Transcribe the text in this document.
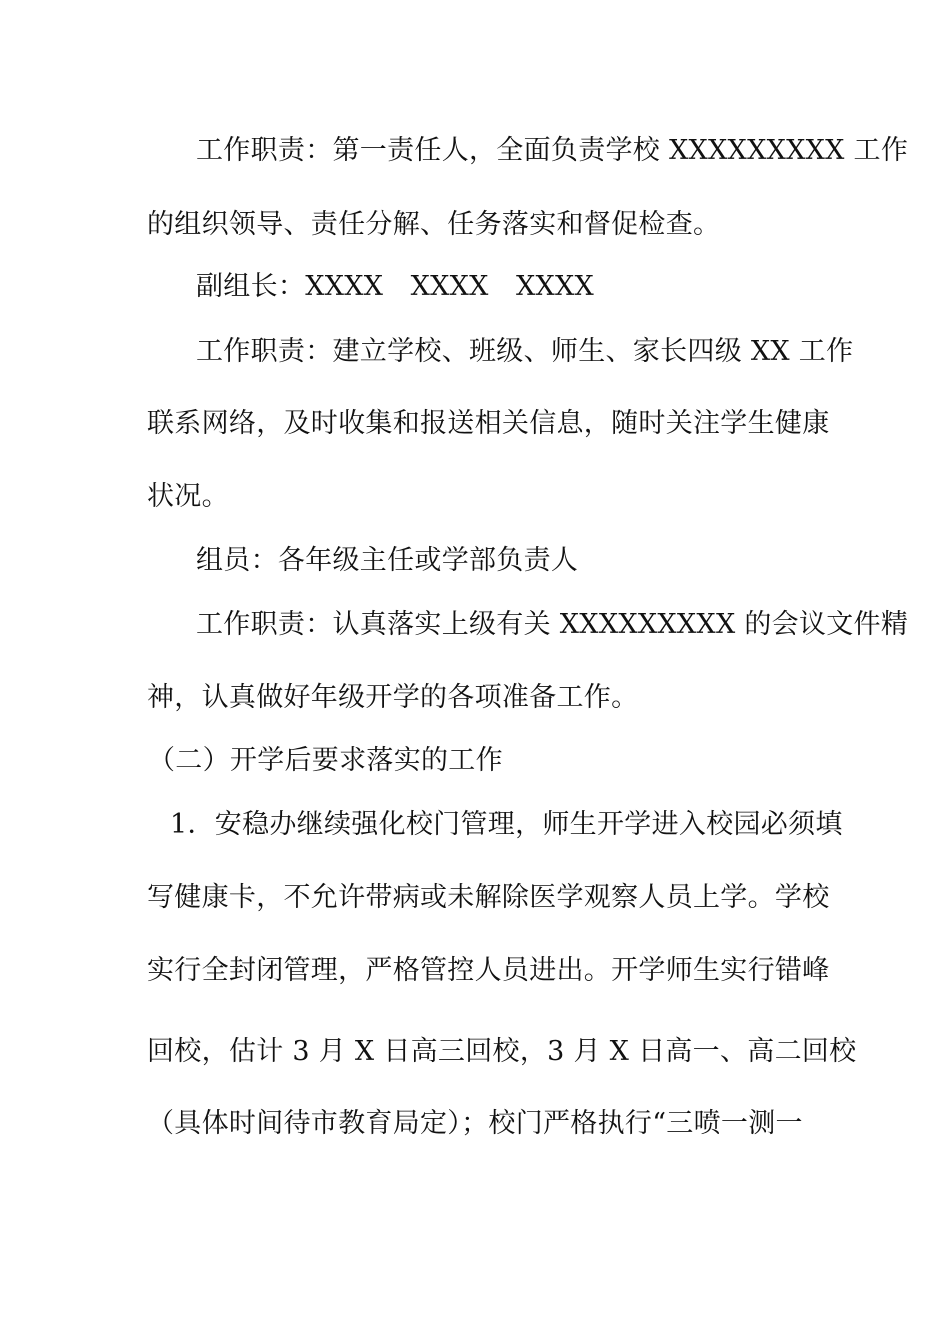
工作职责：第一责任人，全面负责学校 XXXXXXXXX 工作
的组织领导、责任分解、任务落实和督促检查。
副组长：XXXX　XXXX　XXXX
工作职责：建立学校、班级、师生、家长四级 XX 工作
联系网络，及时收集和报送相关信息，随时关注学生健康
状况。
组员：各年级主任或学部负责人
工作职责：认真落实上级有关 XXXXXXXXX 的会议文件精
神，认真做好年级开学的各项准备工作。
（二）开学后要求落实的工作
1．安稳办继续强化校门管理，师生开学进入校园必须填
写健康卡，不允许带病或未解除医学观察人员上学。学校
实行全封闭管理，严格管控人员进出。开学师生实行错峰
回校，估计 3 月 X 日高三回校，3 月 X 日高一、高二回校
（具体时间待市教育局定）；校门严格执行“三喷一测一
